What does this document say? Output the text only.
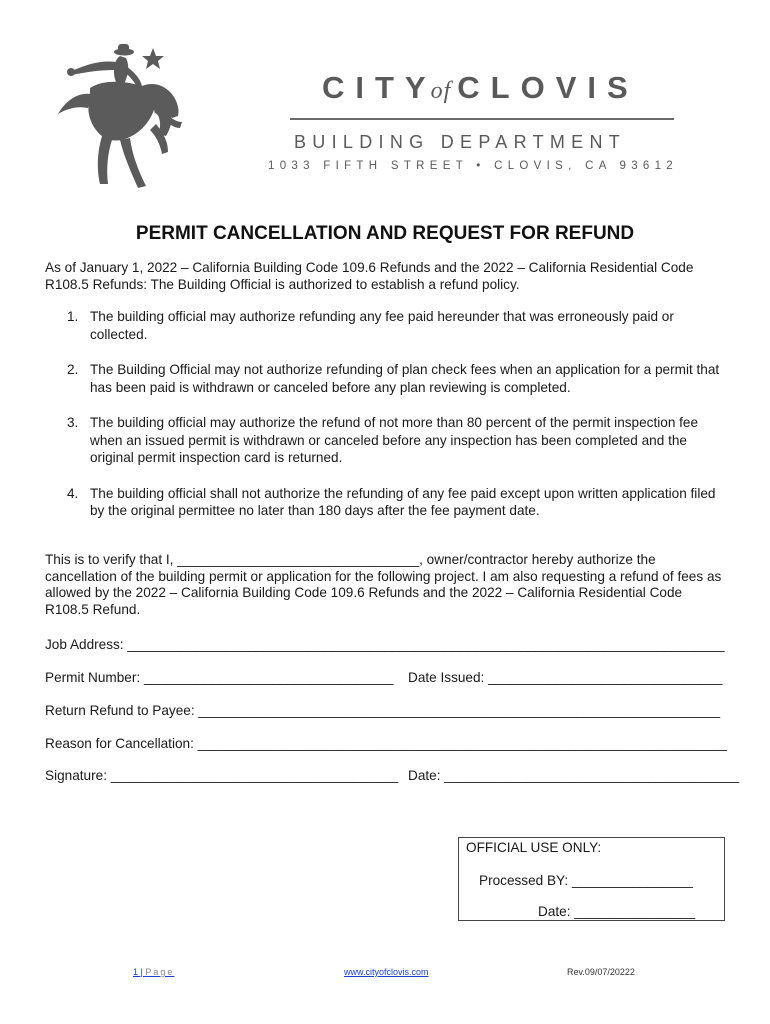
CITYof CLOVIS
BUILDING DEPARTMENT
1033 FIFTH STREET • CLOVIS, CA 93612
PERMIT CANCELLATION AND REQUEST FOR REFUND
As of January 1, 2022 – California Building Code 109.6 Refunds and the 2022 – California Residential Code R108.5 Refunds: The Building Official is authorized to establish a refund policy.
1. The building official may authorize refunding any fee paid hereunder that was erroneously paid or collected.
2. The Building Official may not authorize refunding of plan check fees when an application for a permit that has been paid is withdrawn or canceled before any plan reviewing is completed.
3. The building official may authorize the refund of not more than 80 percent of the permit inspection fee when an issued permit is withdrawn or canceled before any inspection has been completed and the original permit inspection card is returned.
4. The building official shall not authorize the refunding of any fee paid except upon written application filed by the original permittee no later than 180 days after the fee payment date.
This is to verify that I, ________________________________, owner/contractor hereby authorize the cancellation of the building permit or application for the following project. I am also requesting a refund of fees as allowed by the 2022 – California Building Code 109.6 Refunds and the 2022 – California Residential Code R108.5 Refund.
Job Address: _______________________________________________________________________________
Permit Number: _________________________________ Date Issued: _______________________________
Return Refund to Payee: _____________________________________________________________________
Reason for Cancellation: ______________________________________________________________________
Signature: ______________________________________ Date: _______________________________________
OFFICIAL USE ONLY:
Processed BY: ________________
Date: ________________
1 | Page	www.cityofclovis.com	Rev.09/07/20222
